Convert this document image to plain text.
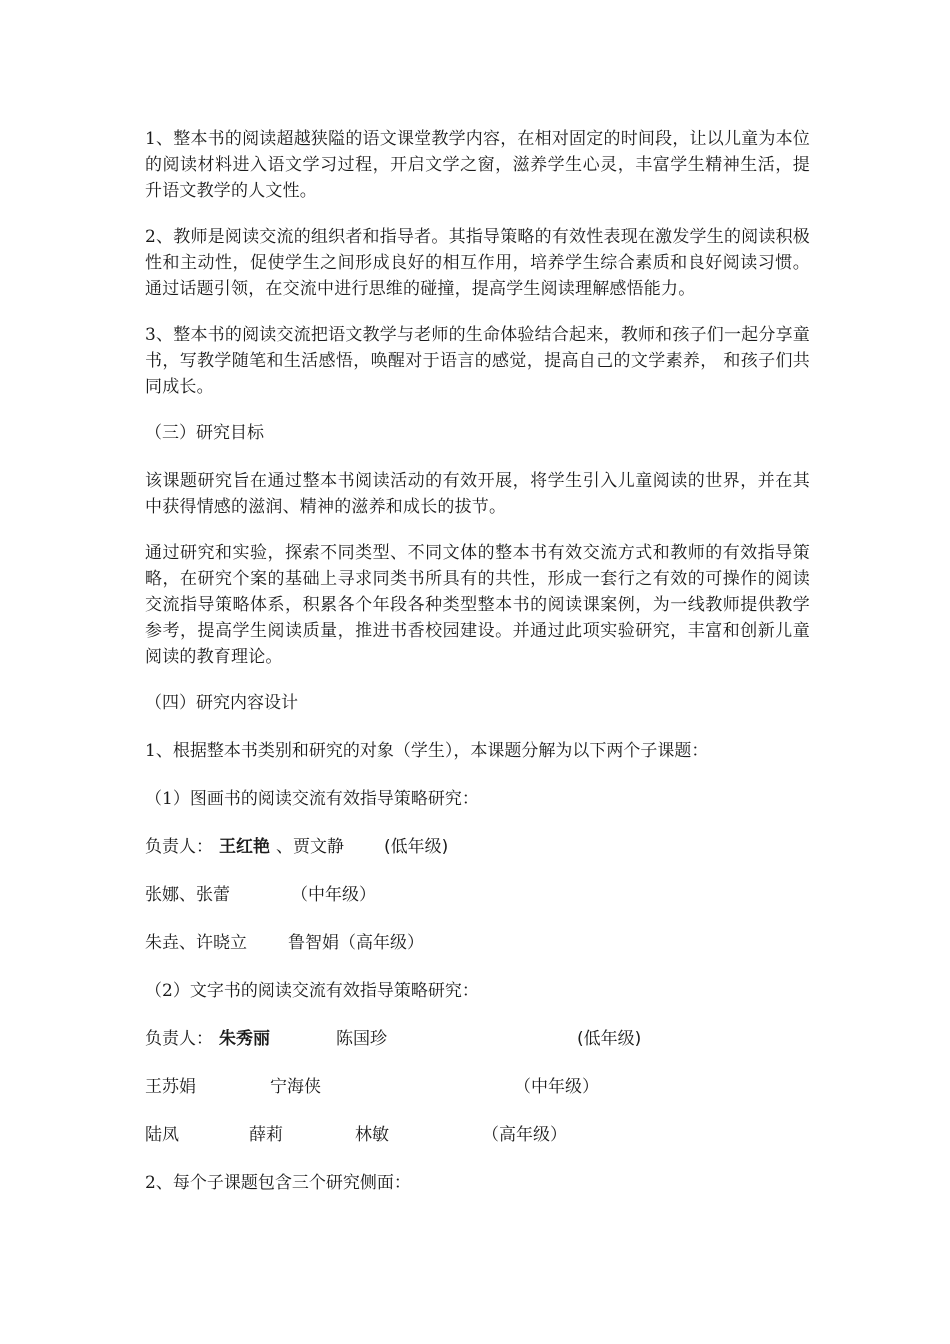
1、整本书的阅读超越狭隘的语文课堂教学内容，在相对固定的时间段，让以儿童为本位的阅读材料进入语文学习过程，开启文学之窗，滋养学生心灵，丰富学生精神生活，提升语文教学的人文性。

2、教师是阅读交流的组织者和指导者。其指导策略的有效性表现在激发学生的阅读积极性和主动性，促使学生之间形成良好的相互作用，培养学生综合素质和良好阅读习惯。通过话题引领，在交流中进行思维的碰撞，提高学生阅读理解感悟能力。

3、整本书的阅读交流把语文教学与老师的生命体验结合起来，教师和孩子们一起分享童书，写教学随笔和生活感悟，唤醒对于语言的感觉，提高自己的文学素养， 和孩子们共同成长。

（三）研究目标

该课题研究旨在通过整本书阅读活动的有效开展，将学生引入儿童阅读的世界，并在其中获得情感的滋润、精神的滋养和成长的拔节。

通过研究和实验，探索不同类型、不同文体的整本书有效交流方式和教师的有效指导策略，在研究个案的基础上寻求同类书所具有的共性，形成一套行之有效的可操作的阅读交流指导策略体系，积累各个年段各种类型整本书的阅读课案例，为一线教师提供教学参考，提高学生阅读质量，推进书香校园建设。并通过此项实验研究，丰富和创新儿童阅读的教育理论。

（四）研究内容设计

1、根据整本书类别和研究的对象（学生），本课题分解为以下两个子课题：

（1）图画书的阅读交流有效指导策略研究：

负责人： 王红艳 、贾文静 (低年级)
张娜、张蕾	（中年级）
朱垚、许晓立 鲁智娟 （高年级）

（2）文字书的阅读交流有效指导策略研究：

负责人： 朱秀丽	陈国珍	(低年级)
王苏娟	宁海侠	（中年级）
陆凤	薛莉	林敏	（高年级）

2、每个子课题包含三个研究侧面：
